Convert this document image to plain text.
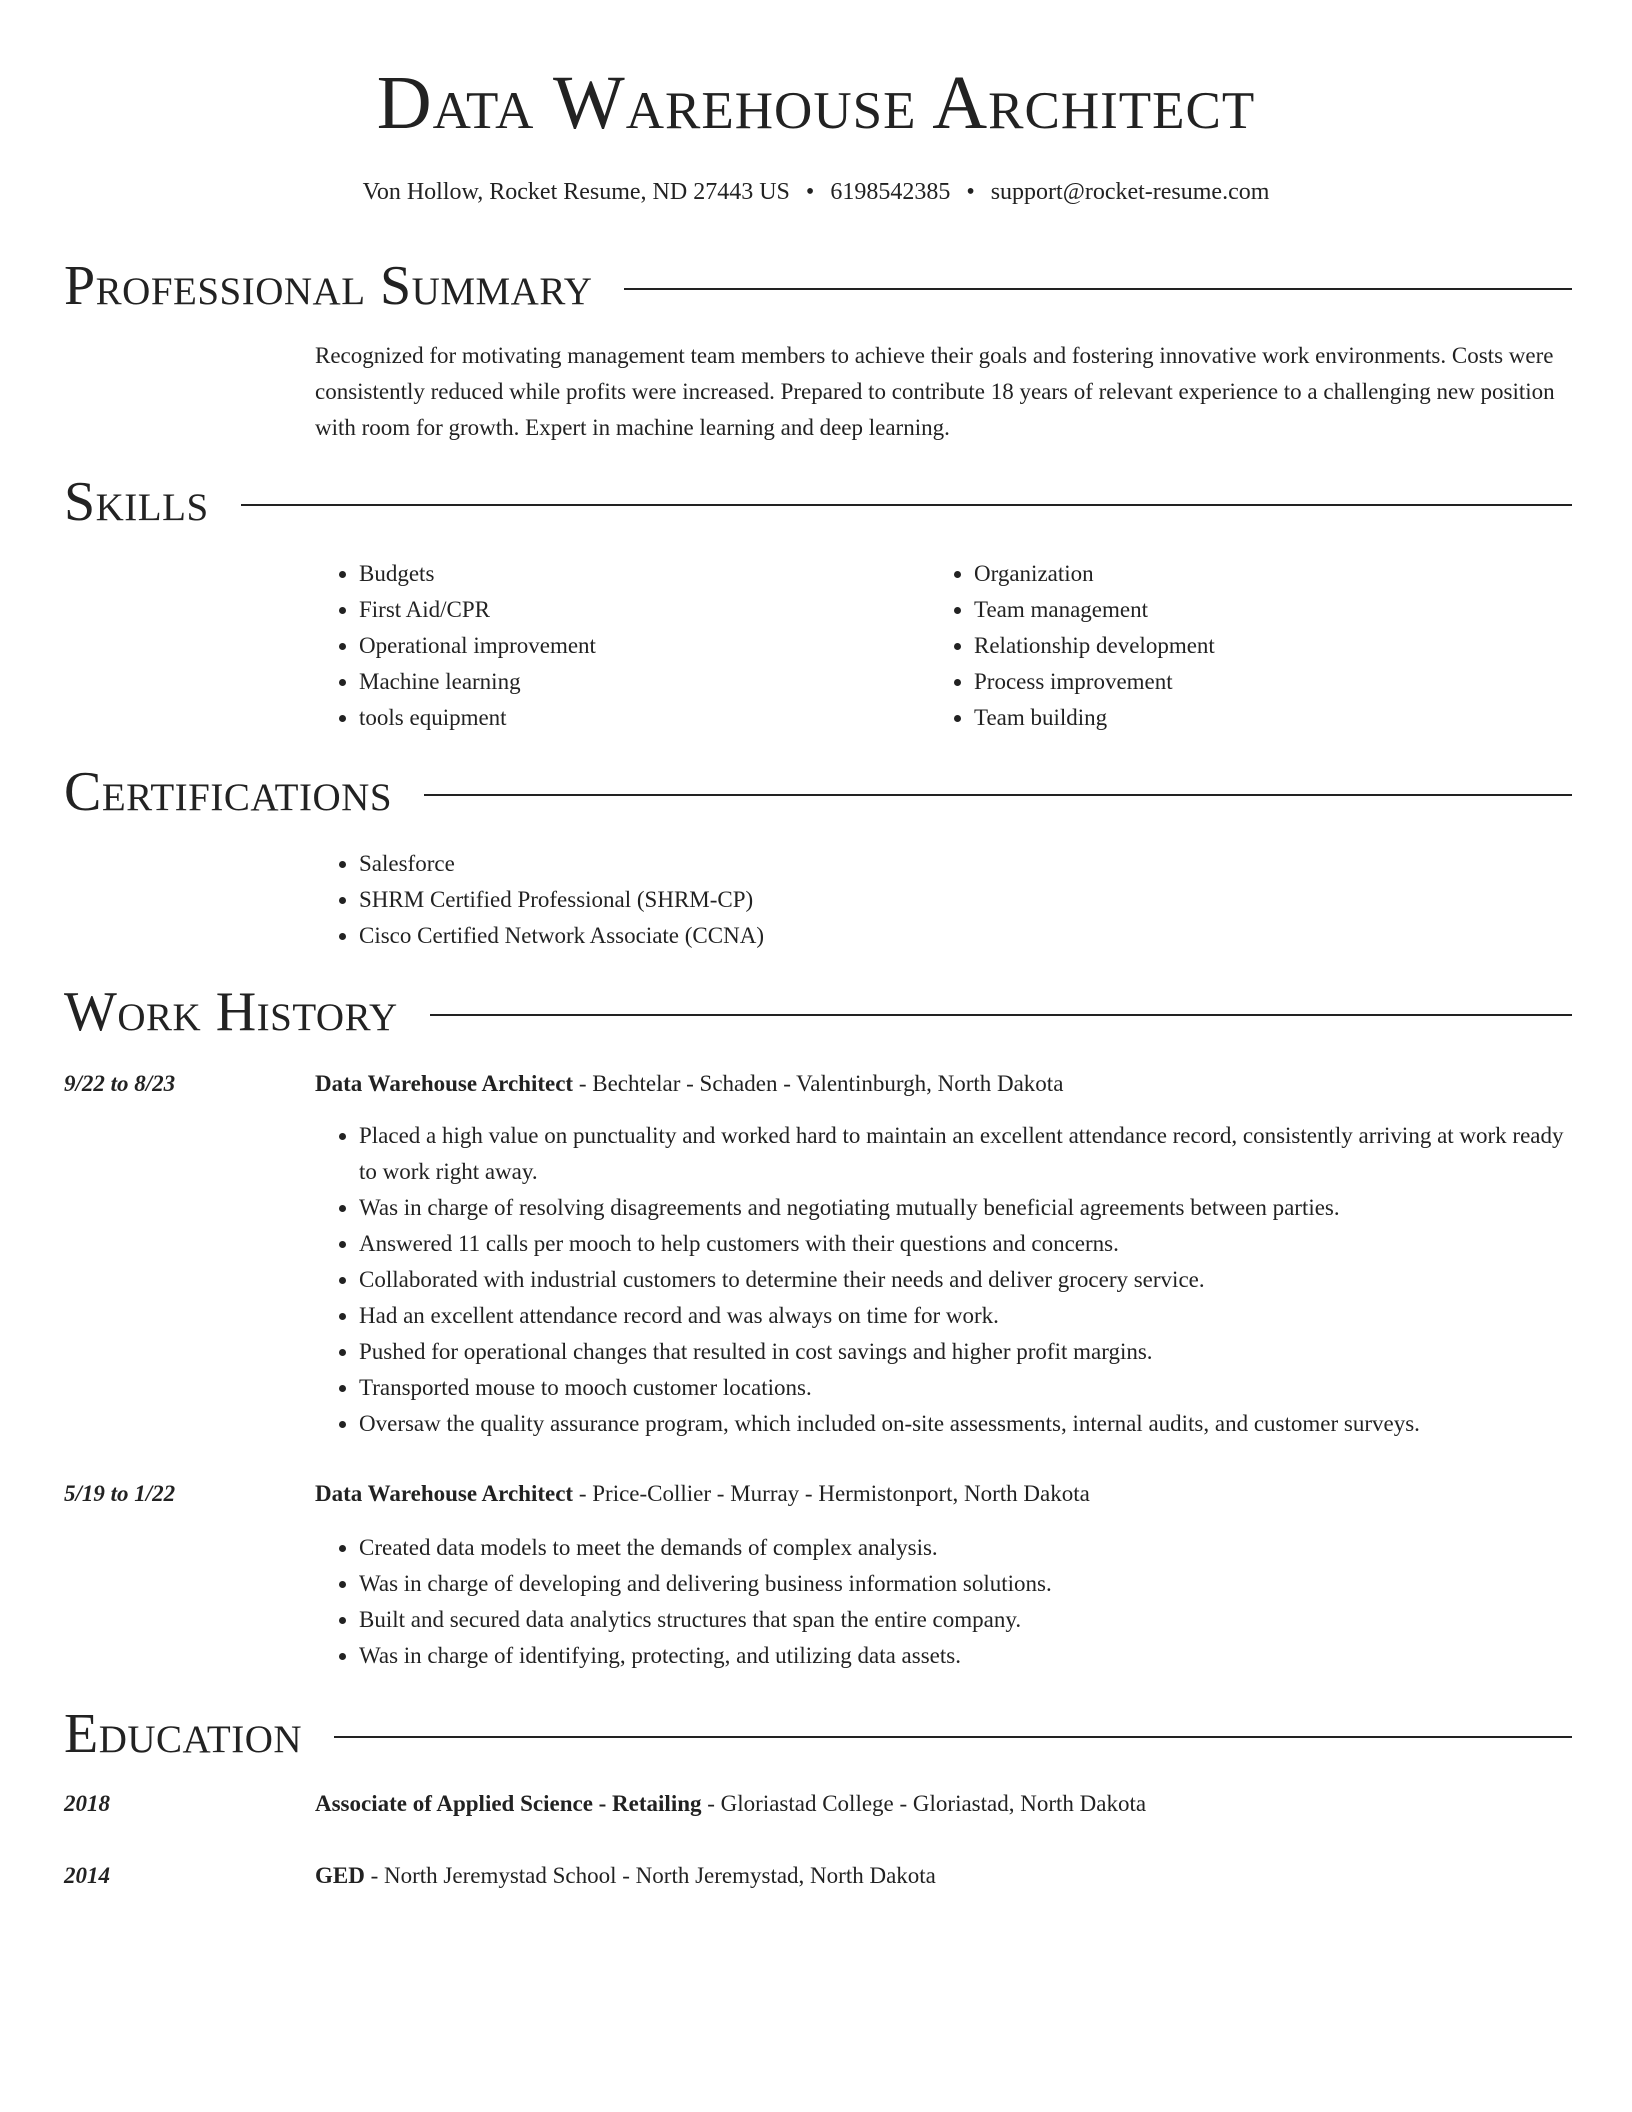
Data Warehouse Architect
Von Hollow, Rocket Resume, ND 27443 US • 6198542385 • support@rocket-resume.com
Professional Summary

Recognized for motivating management team members to achieve their goals and fostering innovative work environments. Costs were consistently reduced while profits were increased. Prepared to contribute 18 years of relevant experience to a challenging new position with room for growth. Expert in machine learning and deep learning.

Skills
• Budgets
• First Aid/CPR
• Operational improvement
• Machine learning
• tools equipment
• Organization
• Team management
• Relationship development
• Process improvement
• Team building
Certifications
• Salesforce
• SHRM Certified Professional (SHRM-CP)
• Cisco Certified Network Associate (CCNA)
Work History
9/22 to 8/23	Data Warehouse Architect - Bechtelar - Schaden - Valentinburgh, North Dakota
• Placed a high value on punctuality and worked hard to maintain an excellent attendance record, consistently arriving at work ready to work right away.
• Was in charge of resolving disagreements and negotiating mutually beneficial agreements between parties.
• Answered 11 calls per mooch to help customers with their questions and concerns.
• Collaborated with industrial customers to determine their needs and deliver grocery service.
• Had an excellent attendance record and was always on time for work.
• Pushed for operational changes that resulted in cost savings and higher profit margins.
• Transported mouse to mooch customer locations.
• Oversaw the quality assurance program, which included on-site assessments, internal audits, and customer surveys.
5/19 to 1/22	Data Warehouse Architect - Price-Collier - Murray - Hermistonport, North Dakota
• Created data models to meet the demands of complex analysis.
• Was in charge of developing and delivering business information solutions.
• Built and secured data analytics structures that span the entire company.
• Was in charge of identifying, protecting, and utilizing data assets.
Education
2018	Associate of Applied Science - Retailing - Gloriastad College - Gloriastad, North Dakota
2014	GED - North Jeremystad School - North Jeremystad, North Dakota
